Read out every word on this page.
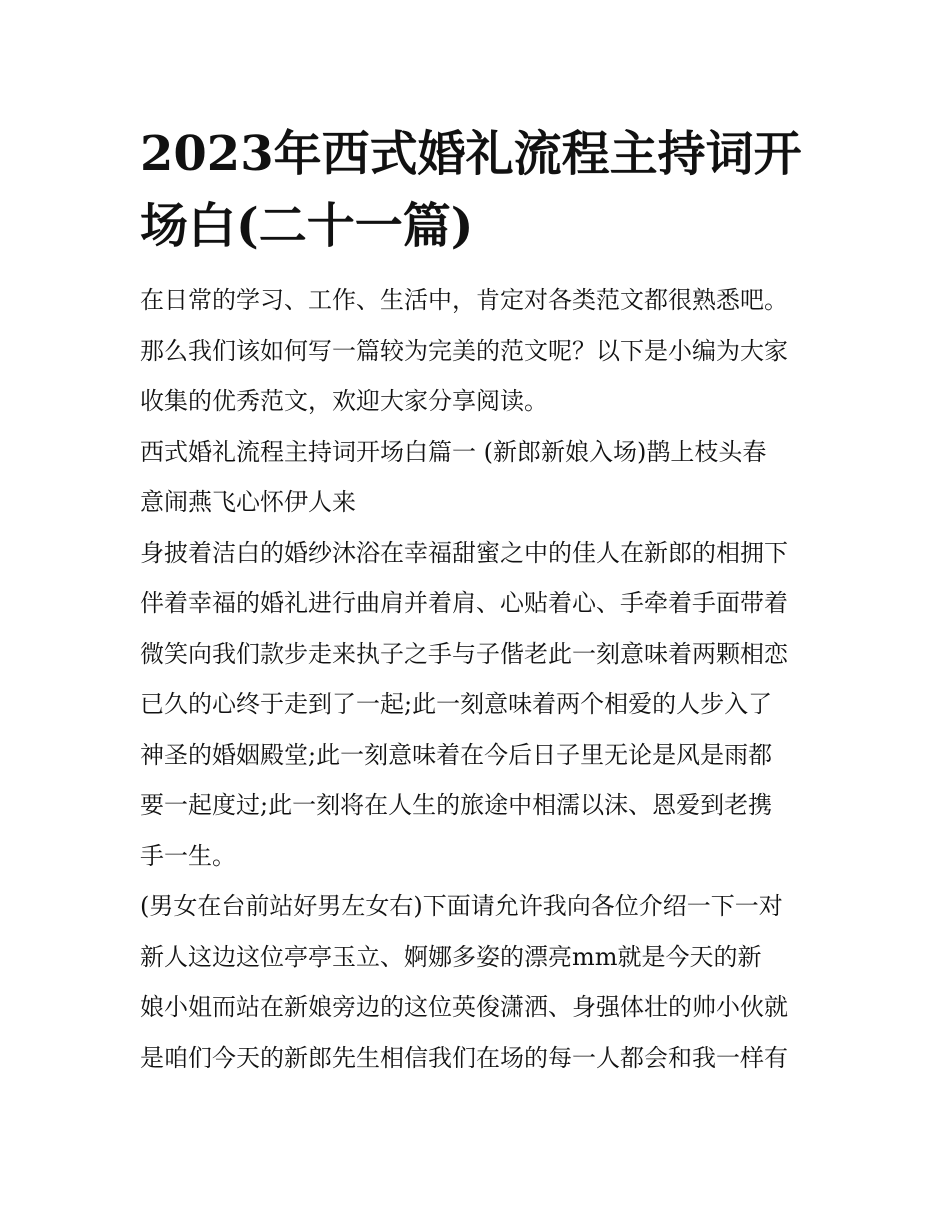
2023年西式婚礼流程主持词开
场白(二十一篇)
在日常的学习、工作、生活中，肯定对各类范文都很熟悉吧。
那么我们该如何写一篇较为完美的范文呢？以下是小编为大家
收集的优秀范文，欢迎大家分享阅读。
西式婚礼流程主持词开场白篇一 (新郎新娘入场)鹊上枝头春
意闹燕飞心怀伊人来
身披着洁白的婚纱沐浴在幸福甜蜜之中的佳人在新郎的相拥下
伴着幸福的婚礼进行曲肩并着肩、心贴着心、手牵着手面带着
微笑向我们款步走来执子之手与子偕老此一刻意味着两颗相恋
已久的心终于走到了一起;此一刻意味着两个相爱的人步入了
神圣的婚姻殿堂;此一刻意味着在今后日子里无论是风是雨都
要一起度过;此一刻将在人生的旅途中相濡以沫、恩爱到老携
手一生。
(男女在台前站好男左女右)下面请允许我向各位介绍一下一对
新人这边这位亭亭玉立、婀娜多姿的漂亮mm就是今天的新
娘小姐而站在新娘旁边的这位英俊潇洒、身强体壮的帅小伙就
是咱们今天的新郎先生相信我们在场的每一人都会和我一样有
